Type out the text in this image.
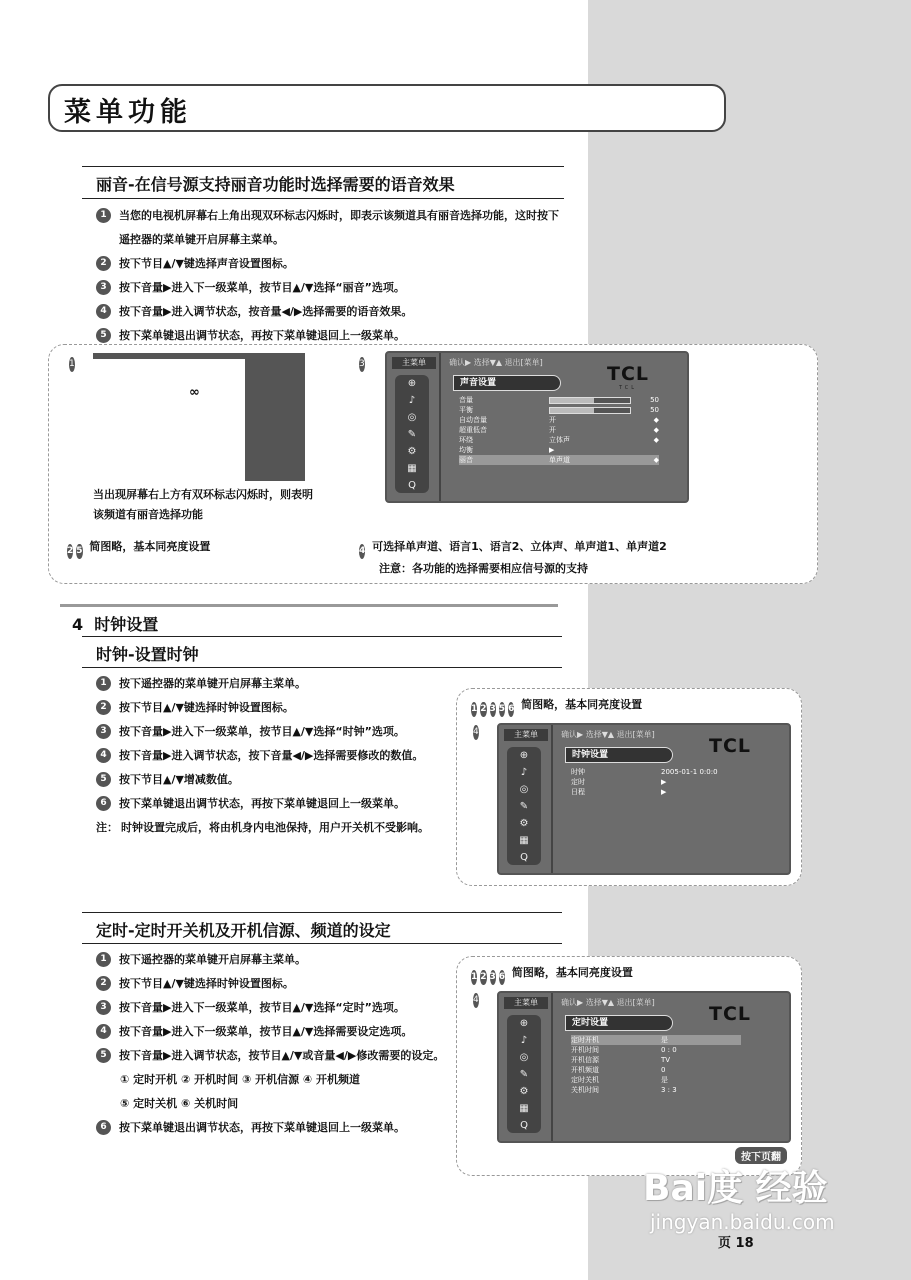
菜单功能
丽音-在信号源支持丽音功能时选择需要的语音效果
1	当您的电视机屏幕右上角出现双环标志闪烁时，即表示该频道具有丽音选择功能，这时按下遥控器的菜单键开启屏幕主菜单。
2	按下节目▲/▼键选择声音设置图标。
3	按下音量▶进入下一级菜单，按节目▲/▼选择“丽音”选项。
4	按下音量▶进入调节状态，按音量◀/▶选择需要的语音效果。
5	按下菜单键退出调节状态，再按下菜单键退回上一级菜单。
1
∞
当出现屏幕右上方有双环标志闪烁时，则表明该频道有丽音选择功能
3	主菜单
⊕
♪
◎
✎
⚙
▦
Q
确认▶ 选择▼▲ 退出[菜单]
TCL
TCL
声音设置
音量	50
平衡	50
自动音量	开	◆
超重低音	开	◆
环绕	立体声	◆
均衡	▶
丽音	单声道	◆
2 5 简图略，基本同亮度设置	4 可选择单声道、语言1、语言2、立体声、单声道1、单声道2
注意：各功能的选择需要相应信号源的支持
4 时钟设置
时钟-设置时钟
1	按下遥控器的菜单键开启屏幕主菜单。
2	按下节目▲/▼键选择时钟设置图标。
3	按下音量▶进入下一级菜单，按节目▲/▼选择“时钟”选项。
4	按下音量▶进入调节状态，按下音量◀/▶选择需要修改的数值。
5	按下节目▲/▼增减数值。
6	按下菜单键退出调节状态，再按下菜单键退回上一级菜单。
注： 时钟设置完成后，将由机身内电池保持，用户开关机不受影响。
1 2 3 5 6 简图略，基本同亮度设置
4	主菜单
⊕
♪
◎
✎
⚙
▦
Q
确认▶ 选择▼▲ 退出[菜单]
TCL
时钟设置
时钟	2005-01-1 0:0:0
定时	▶
日程	▶
定时-定时开关机及开机信源、频道的设定
1	按下遥控器的菜单键开启屏幕主菜单。
2	按下节目▲/▼键选择时钟设置图标。
3	按下音量▶进入下一级菜单，按节目▲/▼选择“定时”选项。
4	按下音量▶进入下一级菜单，按节目▲/▼选择需要设定选项。
5	按下音量▶进入调节状态，按节目▲/▼或音量◀/▶修改需要的设定。
① 定时开机 ② 开机时间 ③ 开机信源 ④ 开机频道
⑤ 定时关机 ⑥ 关机时间
6	按下菜单键退出调节状态，再按下菜单键退回上一级菜单。
1 2 3 6 简图略，基本同亮度设置
4	主菜单
⊕
♪
◎
✎
⚙
▦
Q
确认▶ 选择▼▲ 退出[菜单]
TCL
定时设置
定时开机	是
开机时间	0 : 0
开机信源	TV
开机频道	0
定时关机	是
关机时间	3 : 3
按下页翻
Bai度 经验
jingyan.baidu.com
页 18
